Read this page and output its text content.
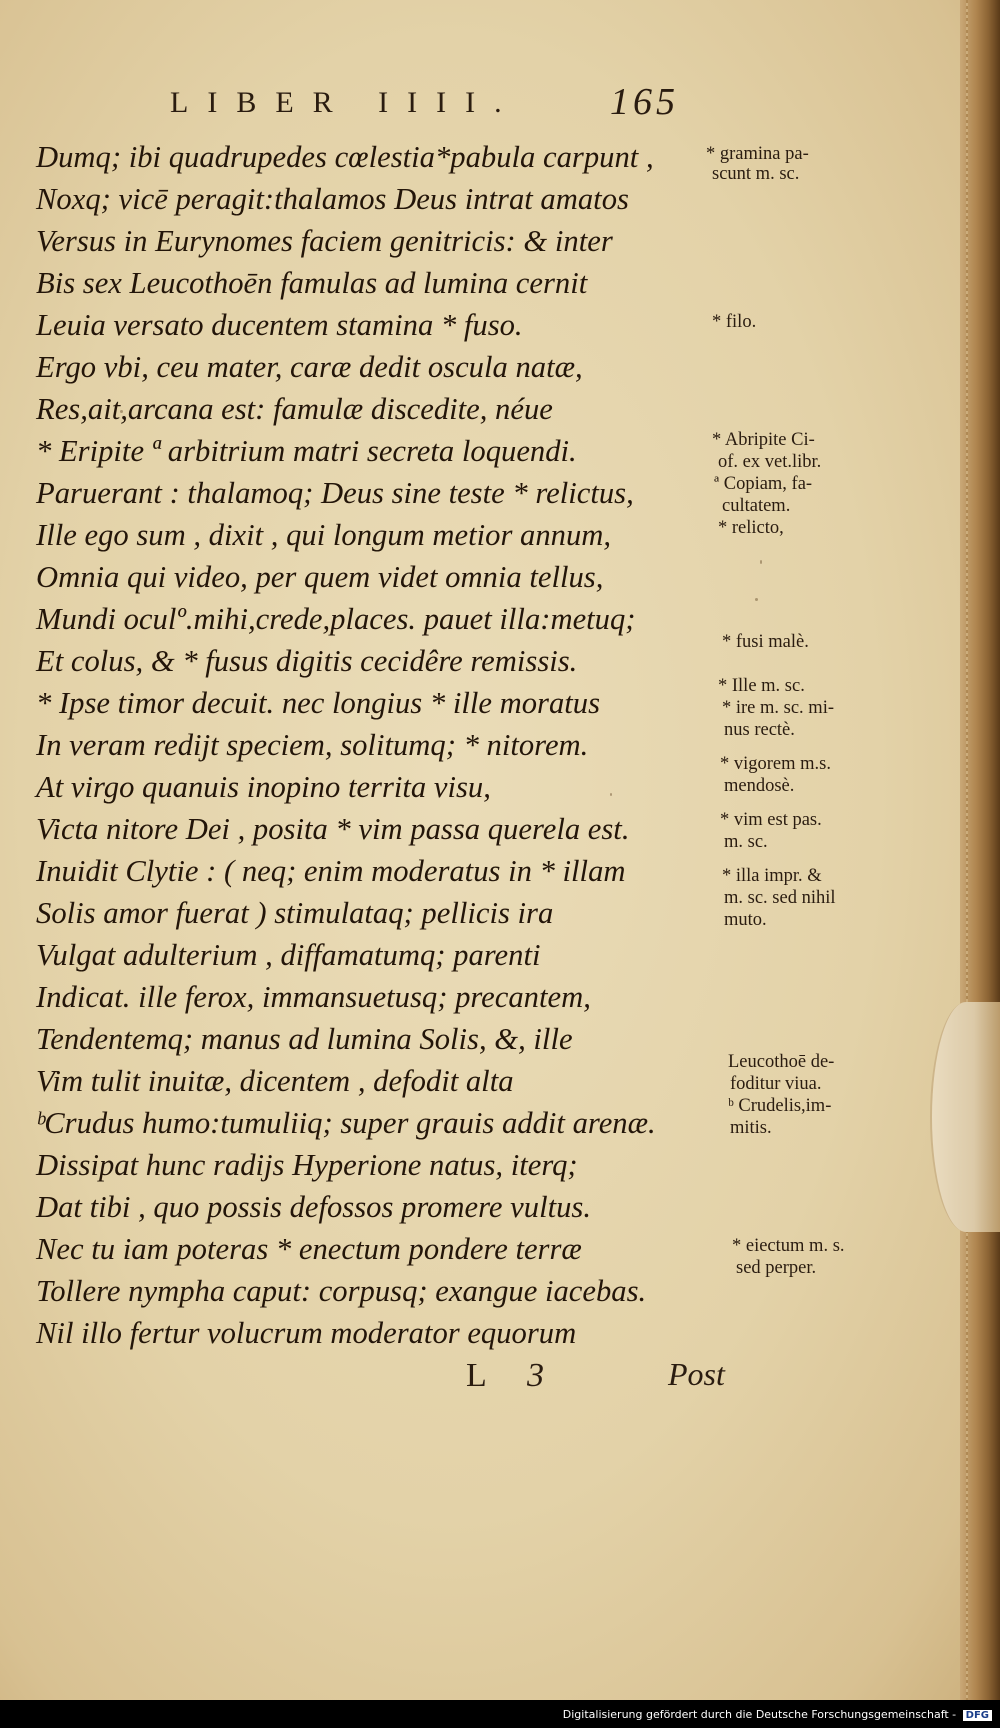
LIBER IIII. 165
Dumq; ibi quadrupedes cœlestia*pabula carpunt ,
Noxq; vicē peragit:thalamos Deus intrat amatos
Versus in Eurynomes faciem genitricis: & inter
Bis sex Leucothoēn famulas ad lumina cernit
Leuia versato ducentem stamina * fuso.
Ergo vbi, ceu mater, caræ dedit oscula natæ,
Res,ait,arcana est: famulæ discedite, néue
* Eripite ª arbitrium matri secreta loquendi.
Paruerant : thalamoq; Deus sine teste * relictus,
Ille ego sum , dixit , qui longum metior annum,
Omnia qui video, per quem videt omnia tellus,
Mundi oculº.mihi,crede,places. pauet illa:metuq;
Et colus, & * fusus digitis cecidêre remissis.
* Ipse timor decuit. nec longius * ille moratus
In veram rediјt speciem, solitumq; * nitorem.
At virgo quanuis inopino territa visu,
Victa nitore Dei , posita * vim passa querela est.
Inuidit Clytie : ( neq; enim moderatus in * illam
Solis amor fuerat ) stimulataq; pellicis ira
Vulgat adulterium , diffamatumq; parenti
Indicat. ille ferox, immansuetusq; precantem,
Tendentemq; manus ad lumina Solis, &, ille
Vim tulit inuitæ, dicentem , defodit alta
ᵇCrudus humo:tumuliiq; super grauis addit arenæ.
Dissipat hunc radiјs Hyperione natus, iterq;
Dat tibi , quo possis defossos promere vultus.
Nec tu iam poteras * enectum pondere terræ
Tollere nympha caput: corpusq; exangue iacebas.
Nil illo fertur volucrum moderator equorum
* gramina pa-
scunt m. sc.
* filo.
* Abripite Ci-
of. ex vet.libr.
ª Copiam, fa-
cultatem.
* relicto,
* fusi malè.
* Ille m. sc.
* ire m. sc. mi-
nus rectè.
* vigorem m.s.
mendosè.
* vim est pas.
m. sc.
* illa impr. &
m. sc. sed nihil
muto.
Leucothoē de-
foditur viua.
ᵇ Crudelis,im-
mitis.
* eiectum m. s.
sed perper.
L 3	Post
Digitalisierung gefördert durch die Deutsche Forschungsgemeinschaft - DFG
